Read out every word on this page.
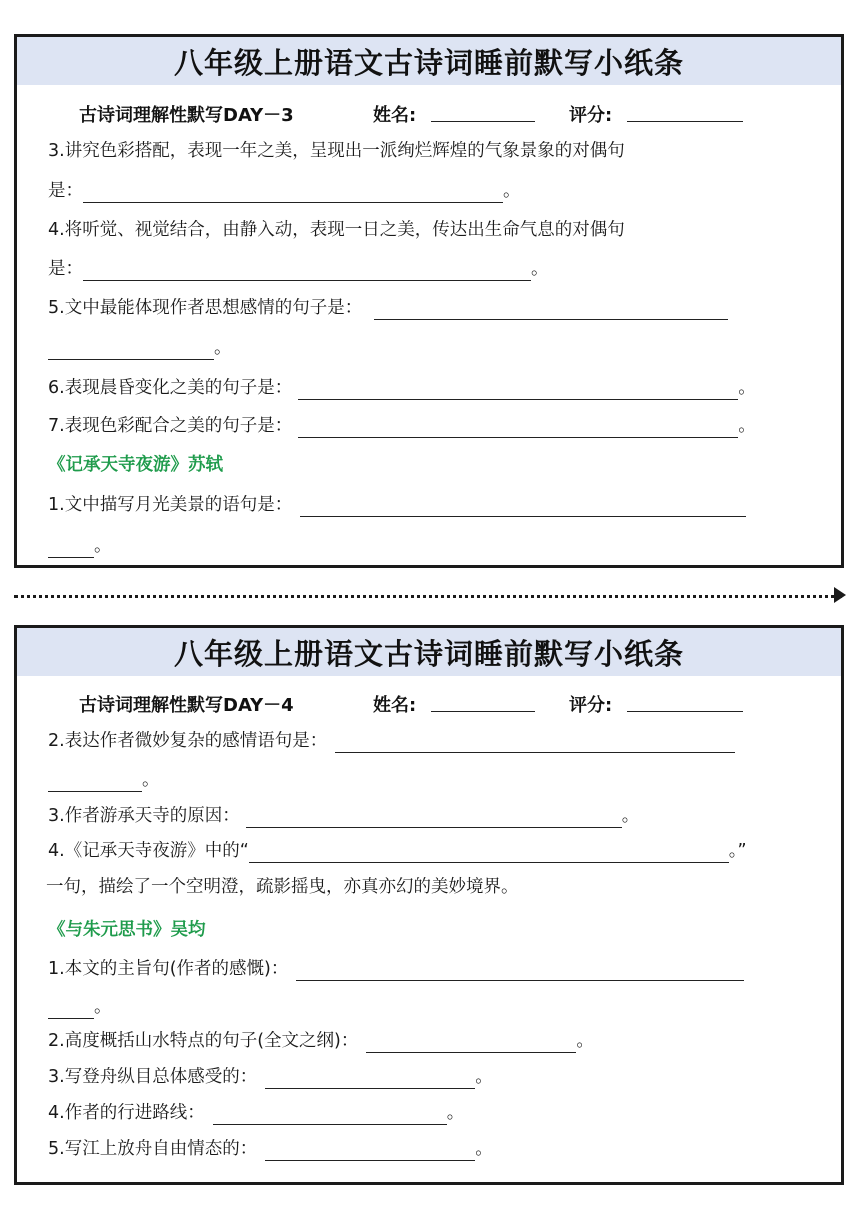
八年级上册语文古诗词睡前默写小纸条
古诗词理解性默写DAY－3	姓名:	评分:
3.讲究色彩搭配，表现一年之美，呈现出一派绚烂辉煌的气象景象的对偶句
是：	。
4.将听觉、视觉结合，由静入动，表现一日之美，传达出生命气息的对偶句
是：	。
5.文中最能体现作者思想感情的句子是：
。
6.表现晨昏变化之美的句子是：	。
7.表现色彩配合之美的句子是：	。
《记承天寺夜游》苏轼
1.文中描写月光美景的语句是：
。
八年级上册语文古诗词睡前默写小纸条
古诗词理解性默写DAY－4	姓名:	评分:
2.表达作者微妙复杂的感情语句是：
。
3.作者游承天寺的原因：	。
4.《记承天寺夜游》中的“	。”
一句，描绘了一个空明澄，疏影摇曳，亦真亦幻的美妙境界。
《与朱元思书》吴均
1.本文的主旨句(作者的感慨)：
。
2.高度概括山水特点的句子(全文之纲)：	。
3.写登舟纵目总体感受的：	。
4.作者的行进路线：	。
5.写江上放舟自由情态的：	。
